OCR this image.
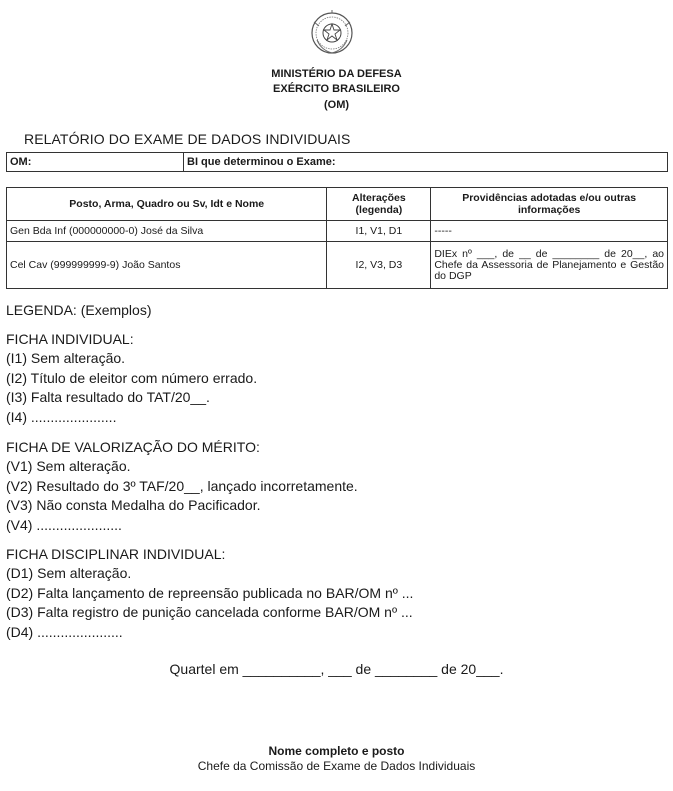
MINISTÉRIO DA DEFESA
EXÉRCITO BRASILEIRO
(OM)
RELATÓRIO DO EXAME DE DADOS INDIVIDUAIS
OM:	BI que determinou o Exame:
Posto, Arma, Quadro ou Sv, Idt e Nome	Alterações (legenda)	Providências adotadas e/ou outras informações
Gen Bda Inf (000000000-0) José da Silva	I1, V1, D1	-----
Cel Cav (999999999-9) João Santos	I2, V3, D3	DIEx nº ___, de __ de ________ de 20__, ao Chefe da Assessoria de Planejamento e Gestão do DGP
LEGENDA: (Exemplos)
FICHA INDIVIDUAL:
(I1) Sem alteração.
(I2) Título de eleitor com número errado.
(I3) Falta resultado do TAT/20__.
(I4) ......................
FICHA DE VALORIZAÇÃO DO MÉRITO:
(V1) Sem alteração.
(V2) Resultado do 3º TAF/20__, lançado incorretamente.
(V3) Não consta Medalha do Pacificador.
(V4) ......................
FICHA DISCIPLINAR INDIVIDUAL:
(D1) Sem alteração.
(D2) Falta lançamento de repreensão publicada no BAR/OM nº ...
(D3) Falta registro de punição cancelada conforme BAR/OM nº ...
(D4) ......................
Quartel em __________, ___ de ________ de 20___.
Nome completo e posto
Chefe da Comissão de Exame de Dados Individuais
